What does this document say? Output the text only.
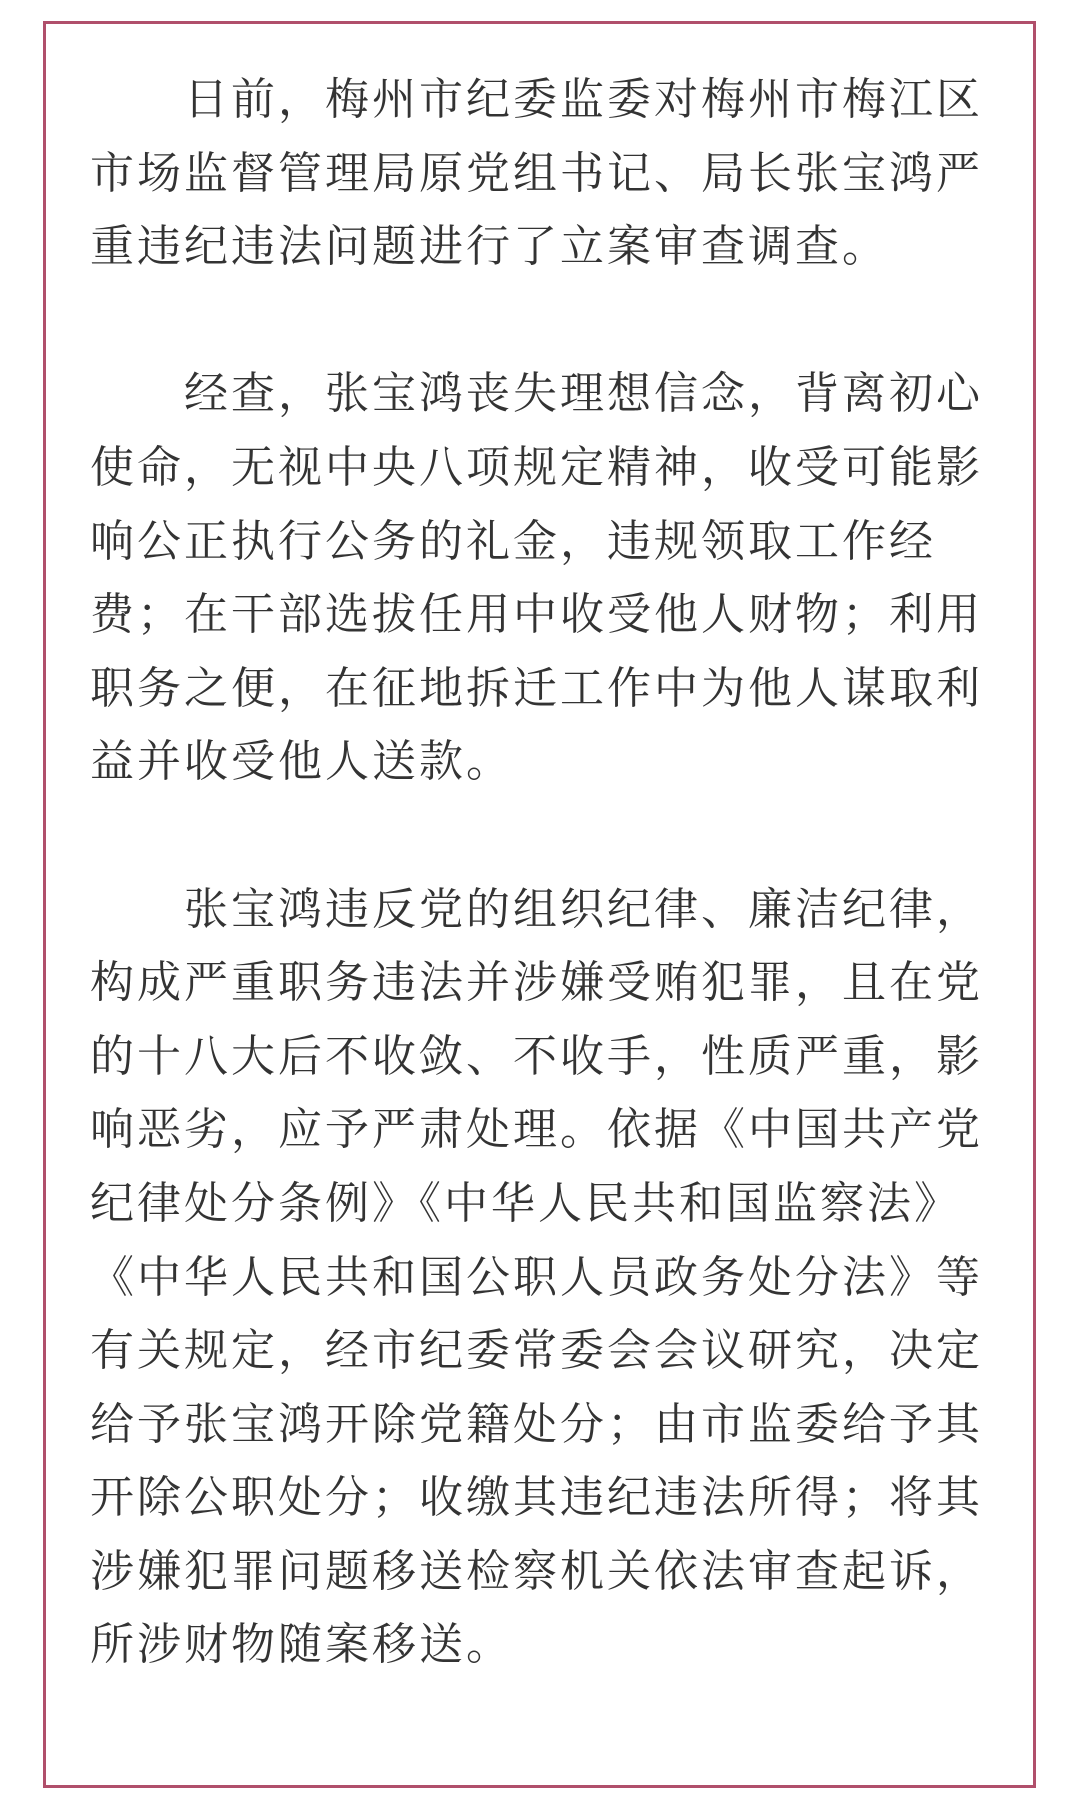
日前，梅州市纪委监委对梅州市梅江区
市场监督管理局原党组书记、局长张宝鸿严
重违纪违法问题进行了立案审查调查。
经查，张宝鸿丧失理想信念，背离初心
使命，无视中央八项规定精神，收受可能影
响公正执行公务的礼金，违规领取工作经
费；在干部选拔任用中收受他人财物；利用
职务之便，在征地拆迁工作中为他人谋取利
益并收受他人送款。
张宝鸿违反党的组织纪律、廉洁纪律，
构成严重职务违法并涉嫌受贿犯罪，且在党
的十八大后不收敛、不收手，性质严重，影
响恶劣，应予严肃处理。依据《中国共产党
纪律处分条例》《中华人民共和国监察法》
《中华人民共和国公职人员政务处分法》等
有关规定，经市纪委常委会会议研究，决定
给予张宝鸿开除党籍处分；由市监委给予其
开除公职处分；收缴其违纪违法所得；将其
涉嫌犯罪问题移送检察机关依法审查起诉，
所涉财物随案移送。
